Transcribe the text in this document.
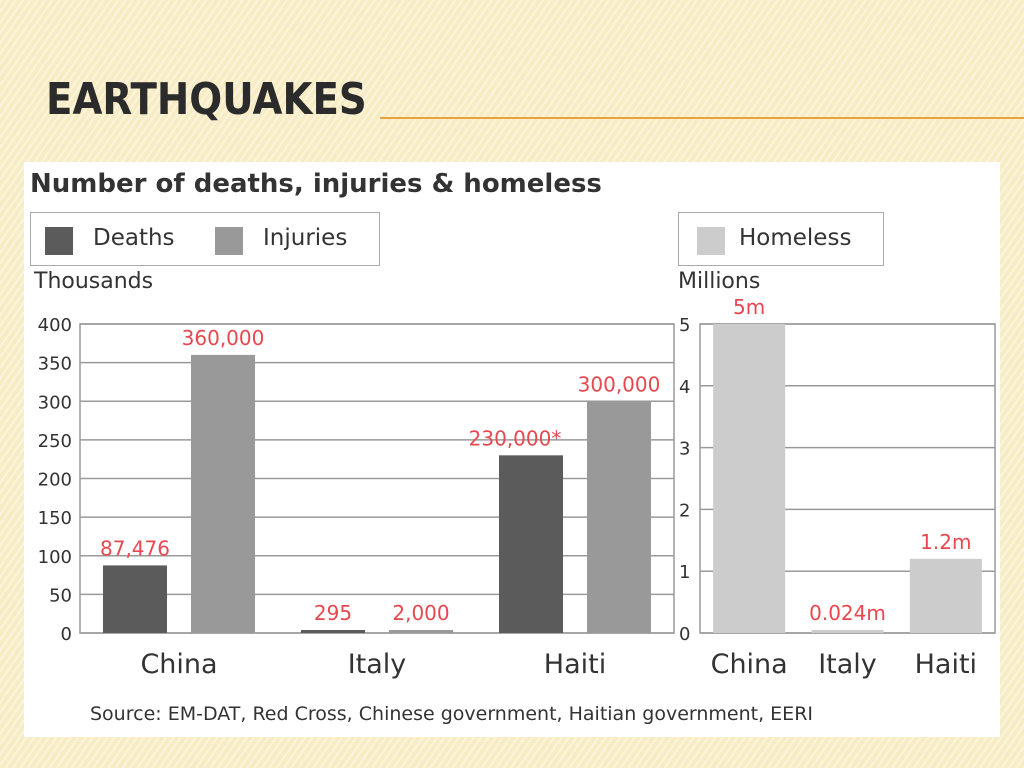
EARTHQUAKES
Number of deaths, injuries & homeless
Deaths	Injuries	Homeless
Thousands	Millions
0
50
100
150
200
250
300
350
400
87,476
360,000
China
295 2,000
Italy
230,000*
300,000
Haiti
0
1
2
3
4
5
5m
China
0.024m
Italy
1.2m
Haiti
Source: EM-DAT, Red Cross, Chinese government, Haitian government, EERI
